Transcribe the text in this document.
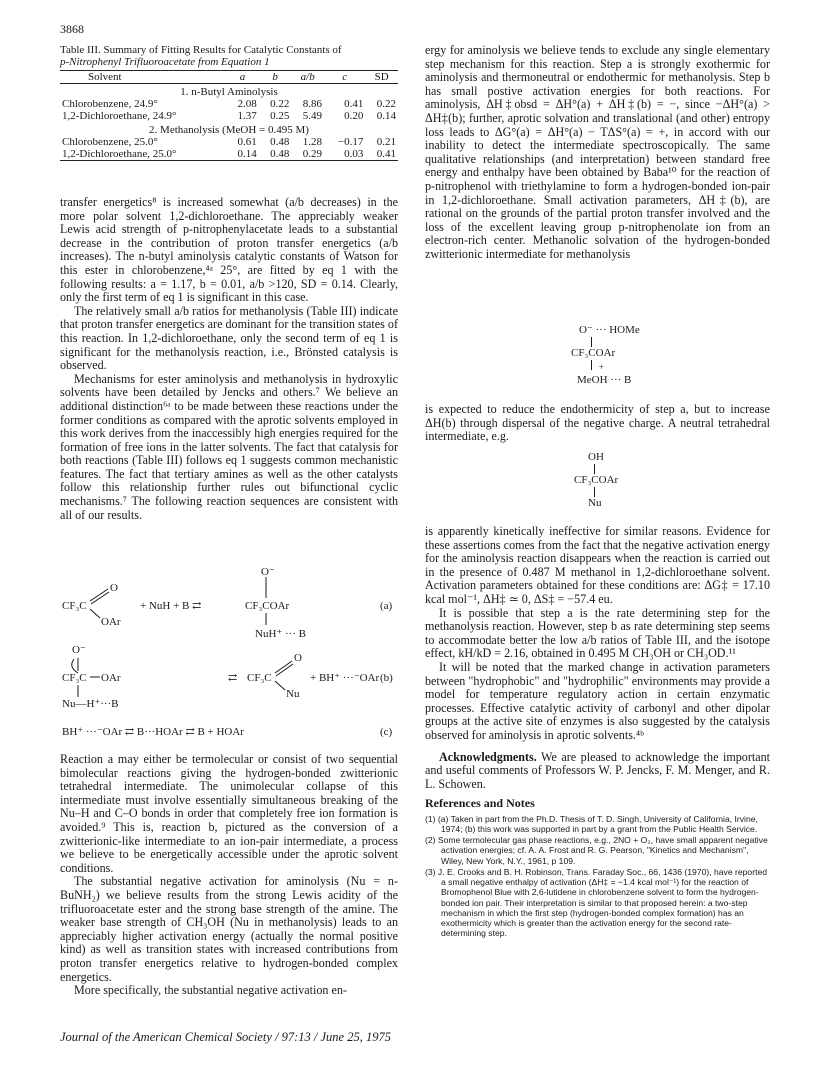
3868
Table III. Summary of Fitting Results for Catalytic Constants of
p-Nitrophenyl Trifluoroacetate from Equation 1
Solvent	a	b	a/b	c	SD
1. n-Butyl Aminolysis					
Chlorobenzene, 24.9°	2.08	0.22	8.86	0.41	0.22
1,2-Dichloroethane, 24.9°	1.37	0.25	5.49	0.20	0.14
2. Methanolysis (MeOH = 0.495 M)					
Chlorobenzene, 25.0°	0.61	0.48	1.28	−0.17	0.21
1,2-Dichloroethane, 25.0°	0.14	0.48	0.29	0.03	0.41

transfer energetics⁸ is increased somewhat (a/b decreases) in the more polar solvent 1,2-dichloroethane. The appreciably weaker Lewis acid strength of p-nitrophenylacetate leads to a substantial decrease in the contribution of proton transfer energetics (a/b increases). The n-butyl aminolysis catalytic constants of Watson for this ester in chlorobenzene,⁴ᵃ 25°, are fitted by eq 1 with the following results: a = 1.17, b = 0.01, a/b >120, SD = 0.14. Clearly, only the first term of eq 1 is significant in this case.

The relatively small a/b ratios for methanolysis (Table III) indicate that proton transfer energetics are dominant for the transition states of this reaction. In 1,2-dichloroethane, only the second term of eq 1 is significant for the methanolysis reaction, i.e., Brönsted catalysis is observed.

Mechanisms for ester aminolysis and methanolysis in hydroxylic solvents have been detailed by Jencks and others.⁷ We believe an additional distinction⁶ᵃ to be made between these reactions under the former conditions as compared with the aprotic solvents employed in this work derives from the inaccessibly high energies required for the formation of free ions in the latter solvents. The fact that catalysis for both reactions (Table III) follows eq 1 suggests common mechanistic features. The fact that tertiary amines as well as the other catalysts follow this relationship further rules out bifunctional cyclic mechanisms.⁷ The following reaction sequences are consistent with all of our results.

CF₃C
O
OAr
+ NuH + B ⇄
O⁻
CF₃COAr
NuH⁺ ··· B
(a)
O⁻
CF₃C OAr
Nu—H⁺···B
⇄ CF₃C
O
Nu
+ BH⁺ ···⁻OAr (b)
BH⁺ ···⁻OAr ⇄ B···HOAr ⇄ B + HOAr	(c)

Reaction a may either be termolecular or consist of two sequential bimolecular reactions giving the hydrogen-bonded zwitterionic tetrahedral intermediate. The unimolecular collapse of this intermediate must involve essentially simultaneous breaking of the Nu–H and C–O bonds in order that completely free ion formation is avoided.⁹ This is, reaction b, pictured as the conversion of a zwitterionic-like intermediate to an ion-pair intermediate, a process we believe to be energetically accessible under the aprotic solvent conditions.

The substantial negative activation for aminolysis (Nu = n-BuNH₂) we believe results from the strong Lewis acidity of the trifluoroacetate ester and the strong base strength of the amine. The weaker base strength of CH₃OH (Nu in methanolysis) leads to an appreciably higher activation energy (actually the normal positive kind) as well as transition states with increased contributions from proton transfer energetics relative to hydrogen-bonded complex energetics.

More specifically, the substantial negative activation en-

ergy for aminolysis we believe tends to exclude any single elementary step mechanism for this reaction. Step a is strongly exothermic for aminolysis and thermoneutral or endothermic for methanolysis. Step b has small postive activation energies for both reactions. For aminolysis, ΔH‡obsd = ΔH°(a) + ΔH‡(b) = −, since −ΔH°(a) > ΔH‡(b); further, aprotic solvation and translational (and other) entropy loss leads to ΔG°(a) = ΔH°(a) − TΔS°(a) = +, in accord with our inability to detect the intermediate spectroscopically. The same qualitative relationships (and interpretation) between standard free energy and enthalpy have been obtained by Baba¹⁰ for the reaction of p-nitrophenol with triethylamine to form a hydrogen-bonded ion-pair in 1,2-dichloroethane. Small activation parameters, ΔH‡(b), are rational on the grounds of the partial proton transfer involved and the loss of the excellent leaving group p-nitrophenolate ion from an electron-rich center. Methanolic solvation of the hydrogen-bonded zwitterionic intermediate for methanolysis

O⁻ ··· HOMe
CF₃COAr
+
MeOH ··· B

is expected to reduce the endothermicity of step a, but to increase ΔH(b) through dispersal of the negative charge. A neutral tetrahedral intermediate, e.g.

OH
CF₃COAr
Nu

is apparently kinetically ineffective for similar reasons. Evidence for these assertions comes from the fact that the negative activation energy for the aminolysis reaction disappears when the reaction is carried out in the presence of 0.487 M methanol in 1,2-dichloroethane solvent. Activation parameters obtained for these conditions are: ΔG‡ = 17.10 kcal mol⁻¹, ΔH‡ ≃ 0, ΔS‡ = −57.4 eu.

It is possible that step a is the rate determining step for the methanolysis reaction. However, step b as rate determining step seems to accommodate better the low a/b ratios of Table III, and the isotope effect, kH/kD = 2.16, obtained in 0.495 M CH₃OH or CH₃OD.¹¹

It will be noted that the marked change in activation parameters between "hydrophobic" and "hydrophilic" environments may provide a model for temperature regulatory action in certain enzymatic processes. Effective catalytic activity of carbonyl and other dipolar groups at the active site of enzymes is also suggested by the catalysis observed for aminolysis in aprotic solvents.⁴ᵇ

Acknowledgments. We are pleased to acknowledge the important and useful comments of Professors W. P. Jencks, F. M. Menger, and R. L. Schowen.

References and Notes

(1) (a) Taken in part from the Ph.D. Thesis of T. D. Singh, University of California, Irvine, 1974; (b) this work was supported in part by a grant from the Public Health Service.

(2) Some termolecular gas phase reactions, e.g., 2NO + O₂, have small apparent negative activation energies; cf. A. A. Frost and R. G. Pearson, "Kinetics and Mechanism", Wiley, New York, N.Y., 1961, p 109.

(3) J. E. Crooks and B. H. Robinson, Trans. Faraday Soc., 66, 1436 (1970), have reported a small negative enthalpy of activation (ΔH‡ = −1.4 kcal mol⁻¹) for the reaction of Bromophenol Blue with 2,6-lutidene in chlorobenzene solvent to form the hydrogen-bonded ion pair. Their interpretation is similar to that proposed herein: a two-step mechanism in which the first step (hydrogen-bonded complex formation) has an exothermicity which is greater than the activation energy for the second rate-determining step.

Journal of the American Chemical Society / 97:13 / June 25, 1975
